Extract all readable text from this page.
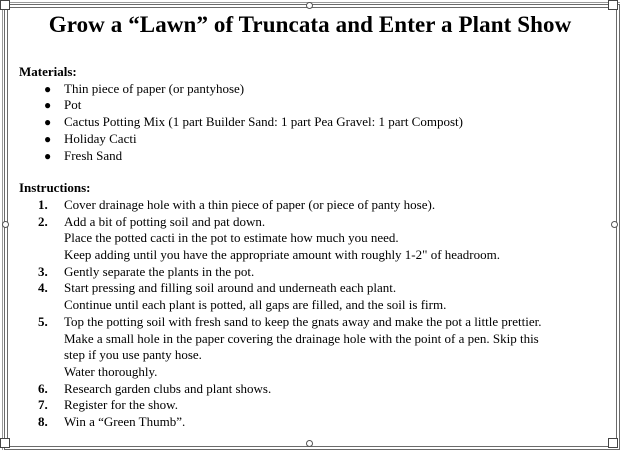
Grow a “Lawn” of Truncata and Enter a Plant Show
Materials:
● Thin piece of paper (or pantyhose)
● Pot
● Cactus Potting Mix (1 part Builder Sand: 1 part Pea Gravel: 1 part Compost)
● Holiday Cacti
● Fresh Sand
Instructions:
1.	Cover drainage hole with a thin piece of paper (or piece of panty hose).
2.	Add a bit of potting soil and pat down.
Place the potted cacti in the pot to estimate how much you need.
Keep adding until you have the appropriate amount with roughly 1-2" of headroom.
3.	Gently separate the plants in the pot.
4.	Start pressing and filling soil around and underneath each plant.
Continue until each plant is potted, all gaps are filled, and the soil is firm.
5.	Top the potting soil with fresh sand to keep the gnats away and make the pot a little prettier.
Make a small hole in the paper covering the drainage hole with the point of a pen. Skip this
step if you use panty hose.
Water thoroughly.
6.	Research garden clubs and plant shows.
7.	Register for the show.
8.	Win a “Green Thumb”.
